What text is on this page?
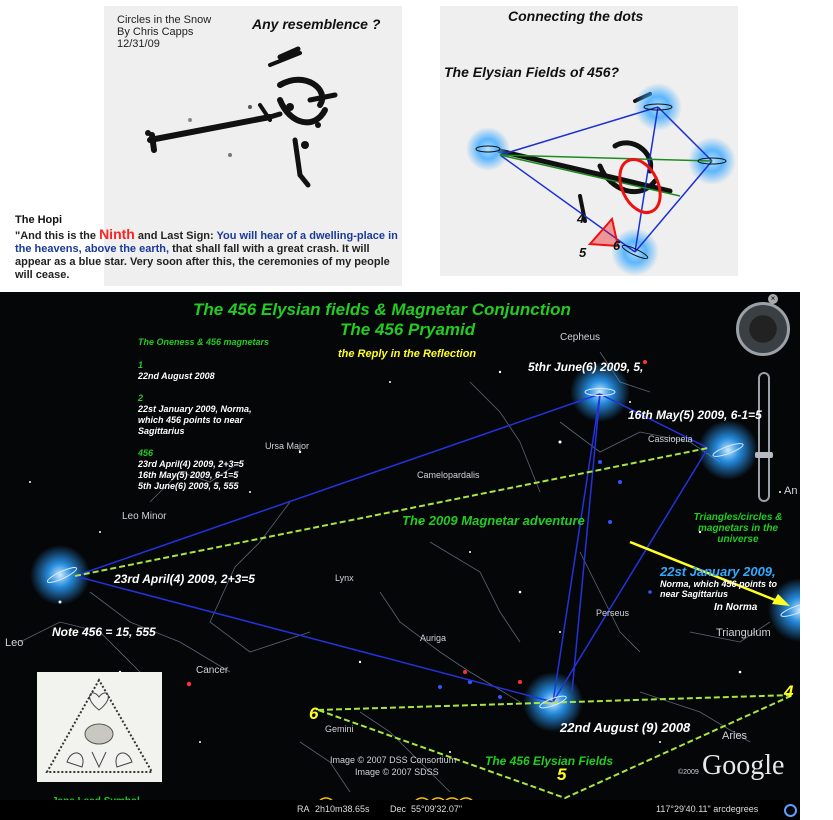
Circles in the Snow
By Chris Capps
12/31/09
Any resemblence ?
The Hopi
"And this is the Ninth and Last Sign: You will hear of a dwelling-place in the heavens, above the earth, that shall fall with a great crash. It will appear as a blue star. Very soon after this, the ceremonies of my people will cease.
Connecting the dots
The Elysian Fields of 456?
4
5 6
×
The 456 Elysian fields & Magnetar Conjunction
The 456 Pryamid
the Reply in the Reflection
The Oneness & 456 magnetars
1
22nd August 2008
2
22st January 2009, Norma,
which 456 points to near
Sagittarius
456
23rd April(4) 2009, 2+3=5
16th May(5) 2009, 6-1=5
5th June(6) 2009, 5, 555
5thr June(6) 2009, 5,
16th May(5) 2009, 6-1=5
23rd April(4) 2009, 2+3=5
22nd August (9) 2008
22st January 2009,
Norma, which 456 points to
near Sagittarius
In Norma
The 2009 Magnetar adventure	Triangles/circles & magnetars in the universe
Note 456 = 15, 555
The 456 Elysian Fields
4
5
6
Cepheus
Cassiopeia
Ursa Major
Camelopardalis
Leo Minor
Lynx
Perseus
Auriga
Cancer
Leo
Gemini
Triangulum
Aries
An
Image © 2007 DSS Consortium
Image © 2007 SDSS	©2009 Google
RA 2h10m38.65s Dec 55°09'32.07"	117°29'40.11" arcdegrees
